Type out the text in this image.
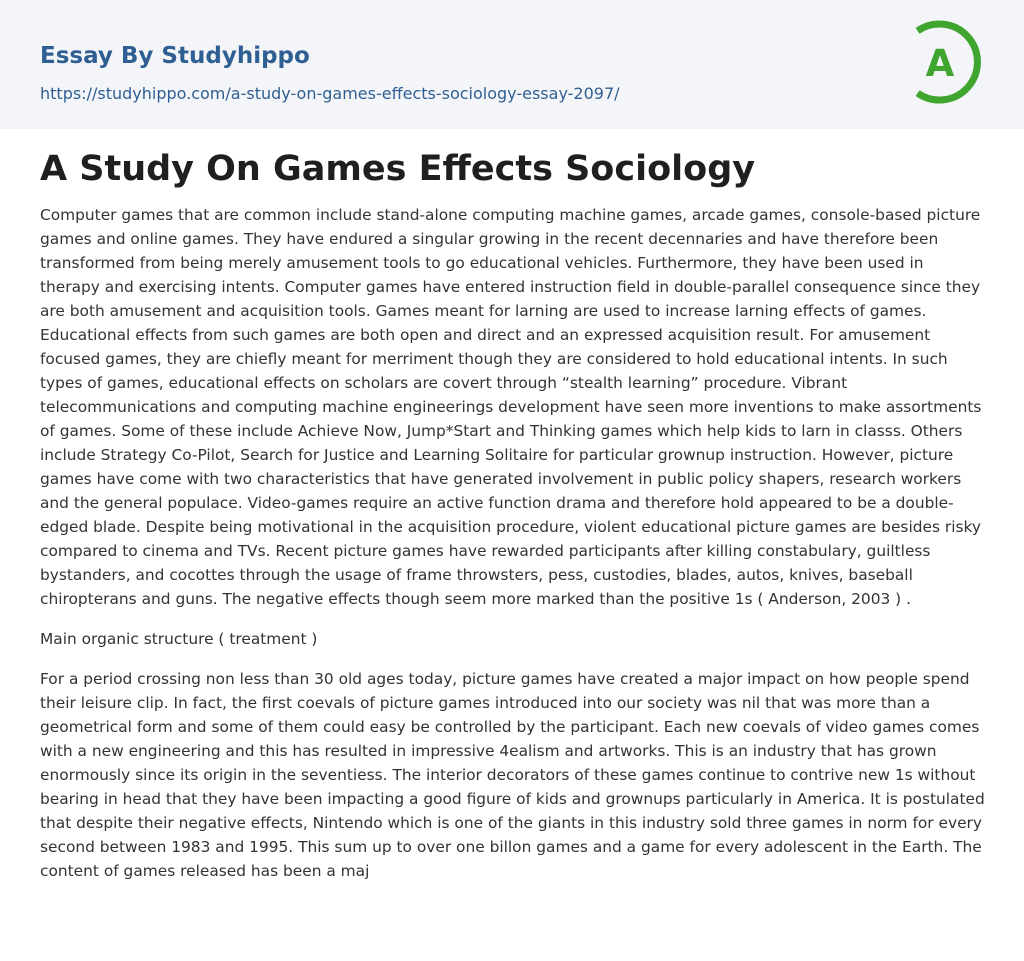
Essay By Studyhippo
https://studyhippo.com/a-study-on-games-effects-sociology-essay-2097/
A
A Study On Games Effects Sociology

Computer games that are common include stand-alone computing machine games, arcade games, console-based picture games and online games. They have endured a singular growing in the recent decennaries and have therefore been transformed from being merely amusement tools to go educational vehicles. Furthermore, they have been used in therapy and exercising intents. Computer games have entered instruction field in double-parallel consequence since they are both amusement and acquisition tools. Games meant for larning are used to increase larning effects of games. Educational effects from such games are both open and direct and an expressed acquisition result. For amusement focused games, they are chiefly meant for merriment though they are considered to hold educational intents. In such types of games, educational effects on scholars are covert through “stealth learning” procedure. Vibrant telecommunications and computing machine engineerings development have seen more inventions to make assortments of games. Some of these include Achieve Now, Jump*Start and Thinking games which help kids to larn in classs. Others include Strategy Co-Pilot, Search for Justice and Learning Solitaire for particular grownup instruction. However, picture games have come with two characteristics that have generated involvement in public policy shapers, research workers and the general populace. Video-games require an active function drama and therefore hold appeared to be a double-edged blade. Despite being motivational in the acquisition procedure, violent educational picture games are besides risky compared to cinema and TVs. Recent picture games have rewarded participants after killing constabulary, guiltless bystanders, and cocottes through the usage of frame throwsters, pess, custodies, blades, autos, knives, baseball chiropterans and guns. The negative effects though seem more marked than the positive 1s ( Anderson, 2003 ) .

Main organic structure ( treatment )

For a period crossing non less than 30 old ages today, picture games have created a major impact on how people spend their leisure clip. In fact, the first coevals of picture games introduced into our society was nil that was more than a geometrical form and some of them could easy be controlled by the participant. Each new coevals of video games comes with a new engineering and this has resulted in impressive 4ealism and artworks. This is an industry that has grown enormously since its origin in the seventiess. The interior decorators of these games continue to contrive new 1s without bearing in head that they have been impacting a good figure of kids and grownups particularly in America. It is postulated that despite their negative effects, Nintendo which is one of the giants in this industry sold three games in norm for every second between 1983 and 1995. This sum up to over one billon games and a game for every adolescent in the Earth. The content of games released has been a maj
